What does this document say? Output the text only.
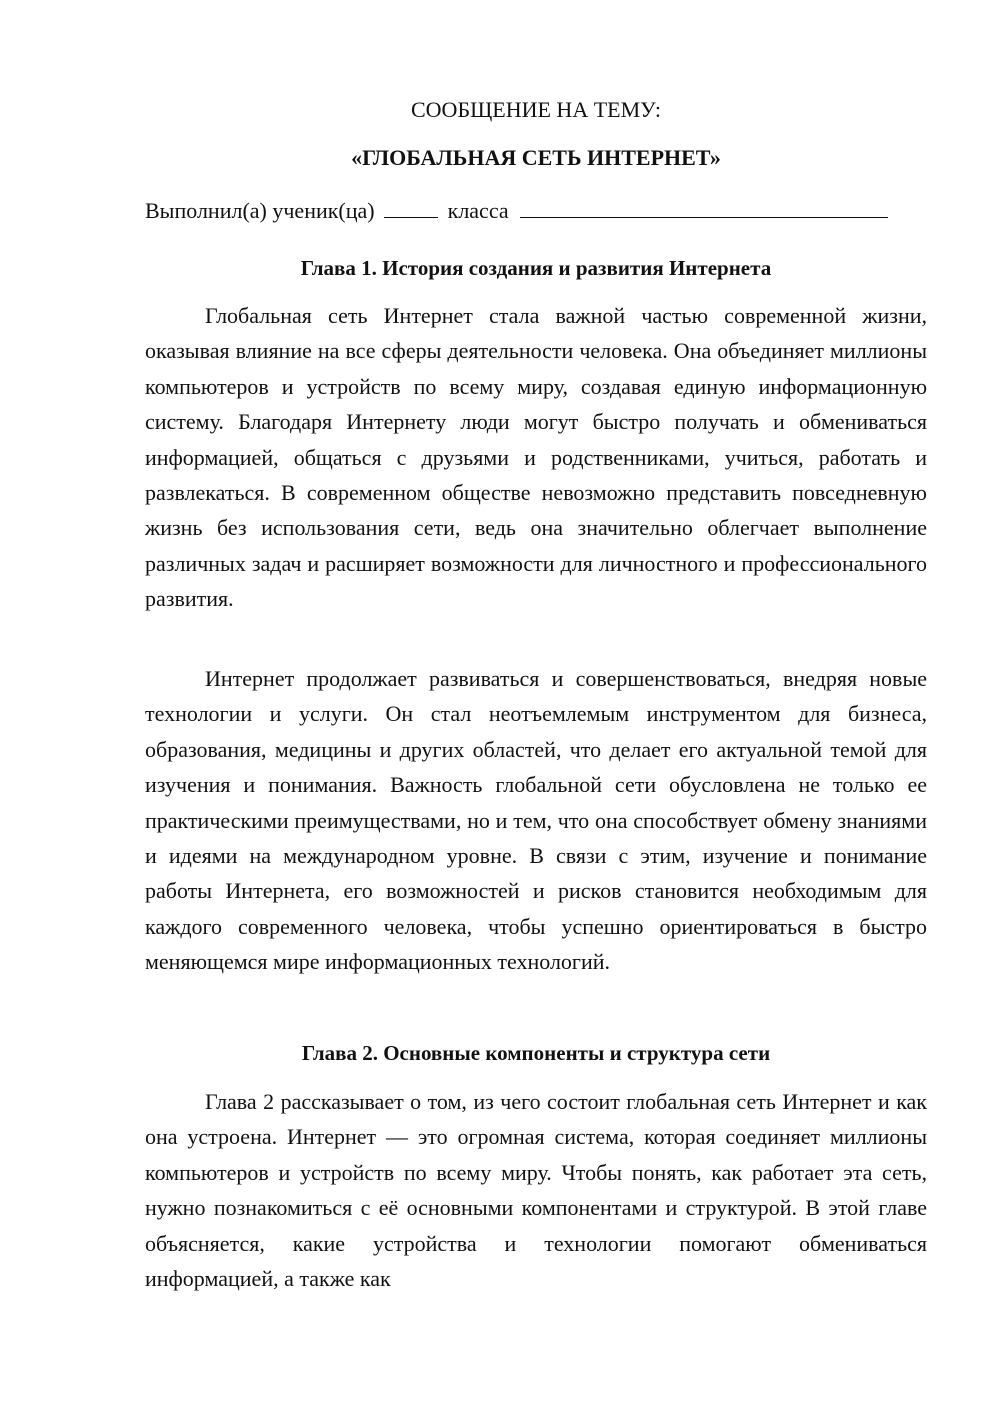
СООБЩЕНИЕ НА ТЕМУ:

«ГЛОБАЛЬНАЯ СЕТЬ ИНТЕРНЕТ»

Выполнил(а) ученик(ца)	класса
Глава 1. История создания и развития Интернета

Глобальная сеть Интернет стала важной частью современной жизни, оказывая влияние на все сферы деятельности человека. Она объединяет миллионы компьютеров и устройств по всему миру, создавая единую информационную систему. Благодаря Интернету люди могут быстро получать и обмениваться информацией, общаться с друзьями и родственниками, учиться, работать и развлекаться. В современном обществе невозможно представить повседневную жизнь без использования сети, ведь она значительно облегчает выполнение различных задач и расширяет возможности для личностного и профессионального развития.

Интернет продолжает развиваться и совершенствоваться, внедряя новые технологии и услуги. Он стал неотъемлемым инструментом для бизнеса, образования, медицины и других областей, что делает его актуальной темой для изучения и понимания. Важность глобальной сети обусловлена не только ее практическими преимуществами, но и тем, что она способствует обмену знаниями и идеями на международном уровне. В связи с этим, изучение и понимание работы Интернета, его возможностей и рисков становится необходимым для каждого современного человека, чтобы успешно ориентироваться в быстро меняющемся мире информационных технологий.

Глава 2. Основные компоненты и структура сети

Глава 2 рассказывает о том, из чего состоит глобальная сеть Интернет и как она устроена. Интернет — это огромная система, которая соединяет миллионы компьютеров и устройств по всему миру. Чтобы понять, как работает эта сеть, нужно познакомиться с её основными компонентами и структурой. В этой главе объясняется, какие устройства и технологии помогают обмениваться информацией, а также как
